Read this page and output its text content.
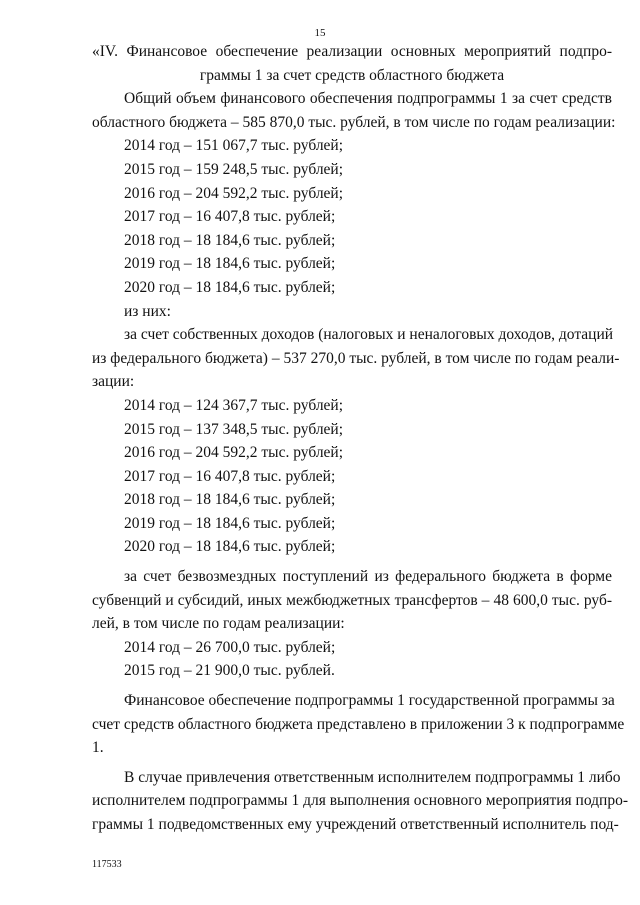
15
«IV. Финансовое обеспечение реализации основных мероприятий подпро-
граммы 1 за счет средств областного бюджета
Общий объем финансового обеспечения подпрограммы 1 за счет средств
областного бюджета – 585 870,0 тыс. рублей, в том числе по годам реализации:
2014 год – 151 067,7 тыс. рублей;
2015 год – 159 248,5 тыс. рублей;
2016 год – 204 592,2 тыс. рублей;
2017 год – 16 407,8 тыс. рублей;
2018 год – 18 184,6 тыс. рублей;
2019 год – 18 184,6 тыс. рублей;
2020 год – 18 184,6 тыс. рублей;
из них:
за счет собственных доходов (налоговых и неналоговых доходов, дотаций
из федерального бюджета) – 537 270,0 тыс. рублей, в том числе по годам реали-
зации:
2014 год – 124 367,7 тыс. рублей;
2015 год – 137 348,5 тыс. рублей;
2016 год – 204 592,2 тыс. рублей;
2017 год – 16 407,8 тыс. рублей;
2018 год – 18 184,6 тыс. рублей;
2019 год – 18 184,6 тыс. рублей;
2020 год – 18 184,6 тыс. рублей;
за счет безвозмездных поступлений из федерального бюджета в форме
субвенций и субсидий, иных межбюджетных трансфертов – 48 600,0 тыс. руб-
лей, в том числе по годам реализации:
2014 год – 26 700,0 тыс. рублей;
2015 год – 21 900,0 тыс. рублей.
Финансовое обеспечение подпрограммы 1 государственной программы за
счет средств областного бюджета представлено в приложении 3 к подпрограмме
1.
В случае привлечения ответственным исполнителем подпрограммы 1 либо
исполнителем подпрограммы 1 для выполнения основного мероприятия подпро-
граммы 1 подведомственных ему учреждений ответственный исполнитель под-
117533
